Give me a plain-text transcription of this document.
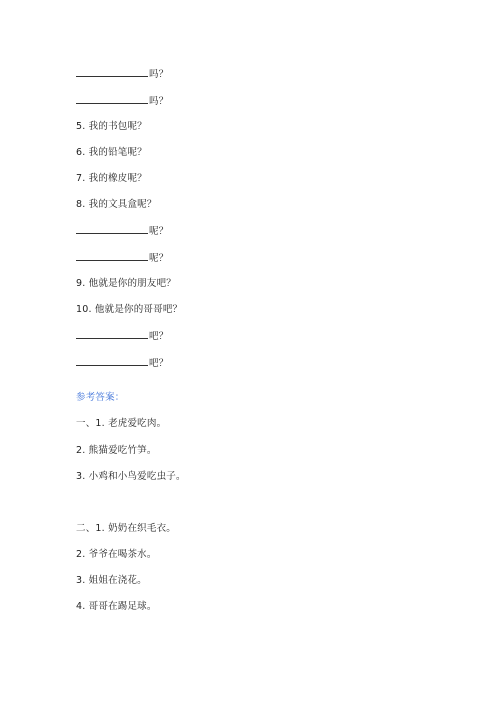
吗？
吗？
5. 我的书包呢？
6. 我的铅笔呢？
7. 我的橡皮呢？
8. 我的文具盒呢？
呢？
呢？
9. 他就是你的朋友吧？
10. 他就是你的哥哥吧？
吧？
吧？
参考答案：
一、1. 老虎爱吃肉。
2. 熊猫爱吃竹笋。
3. 小鸡和小鸟爱吃虫子。
二、1. 奶奶在织毛衣。
2. 爷爷在喝茶水。
3. 姐姐在浇花。
4. 哥哥在踢足球。
